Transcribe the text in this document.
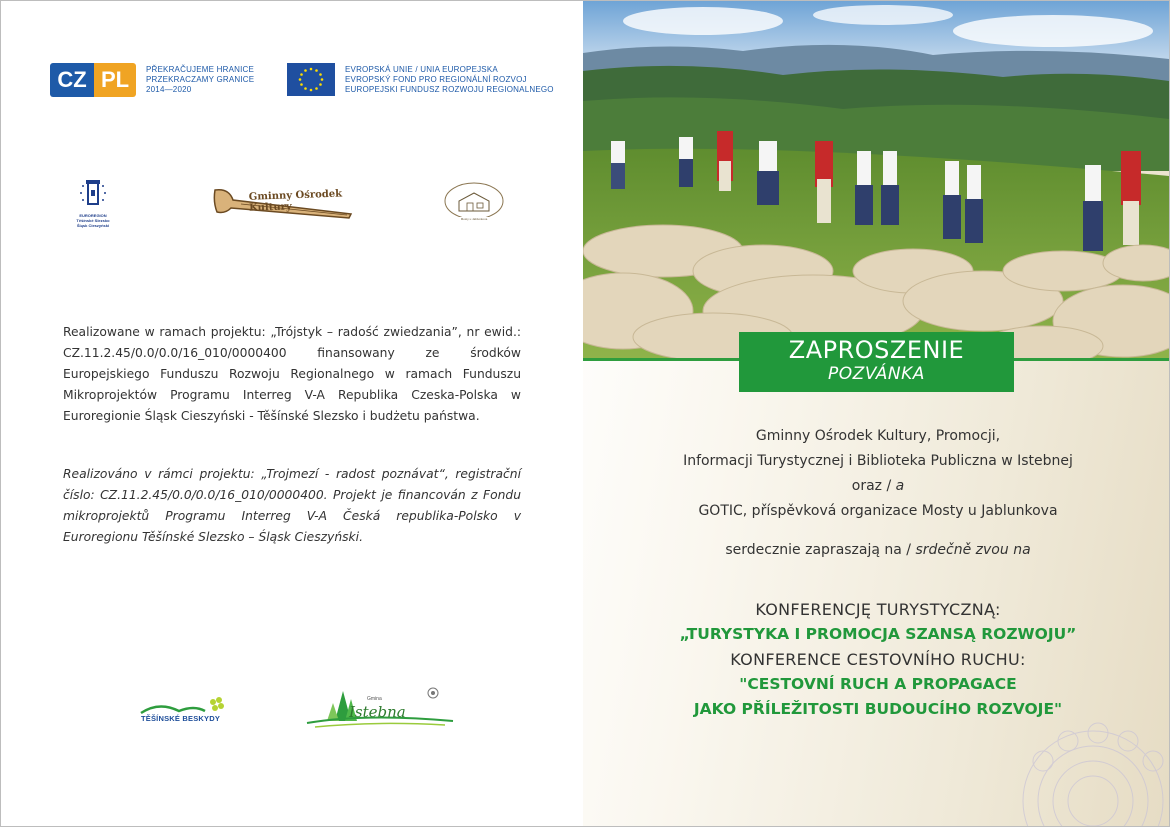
CZ PL	PŘEKRAČUJEME HRANICE
PRZEKRACZAMY GRANICE
2014—2020
EVROPSKÁ UNIE / UNIA EUROPEJSKA
EVROPSKÝ FOND PRO REGIONÁLNÍ ROZVOJ
EUROPEJSKI FUNDUSZ ROZWOJU REGIONALNEGO
EUROREGION Těšínské Slezsko Śląsk Cieszyński
Gminny Ośrodek Kultury
Mosty u Jablunkova
Realizowane w ramach projektu: „Trójstyk – radość zwiedzania”, nr ewid.: CZ.11.2.45/0.0/0.0/16_010/0000400 finansowany ze środków Europejskiego Funduszu Rozwoju Regionalnego w ramach Funduszu Mikroprojektów Programu Interreg V-A Republika Czeska-Polska w Euroregionie Śląsk Cieszyński - Těšínské Slezsko i budżetu państwa.
Realizováno v rámci projektu: „Trojmezí - radost poznávat“, registrační číslo: CZ.11.2.45/0.0/0.0/16_010/0000400. Projekt je financován z Fondu mikroprojektů Programu Interreg V-A Česká republika-Polsko v Euroregionu Těšínské Slezsko – Śląsk Cieszyński.
TĚŠÍNSKÉ BESKYDY
Gmina
Istebna
ZAPROSZENIE
POZVÁNKA
Gminny Ośrodek Kultury, Promocji,
Informacji Turystycznej i Biblioteka Publiczna w Istebnej
oraz / a
GOTIC, příspěvková organizace Mosty u Jablunkova
serdecznie zapraszają na / srdečně zvou na
KONFERENCJĘ TURYSTYCZNĄ:
„TURYSTYKA I PROMOCJA SZANSĄ ROZWOJU”
KONFERENCE CESTOVNÍHO RUCHU:
"CESTOVNÍ RUCH A PROPAGACE
JAKO PŘÍLEŽITOSTI BUDOUCÍHO ROZVOJE"
